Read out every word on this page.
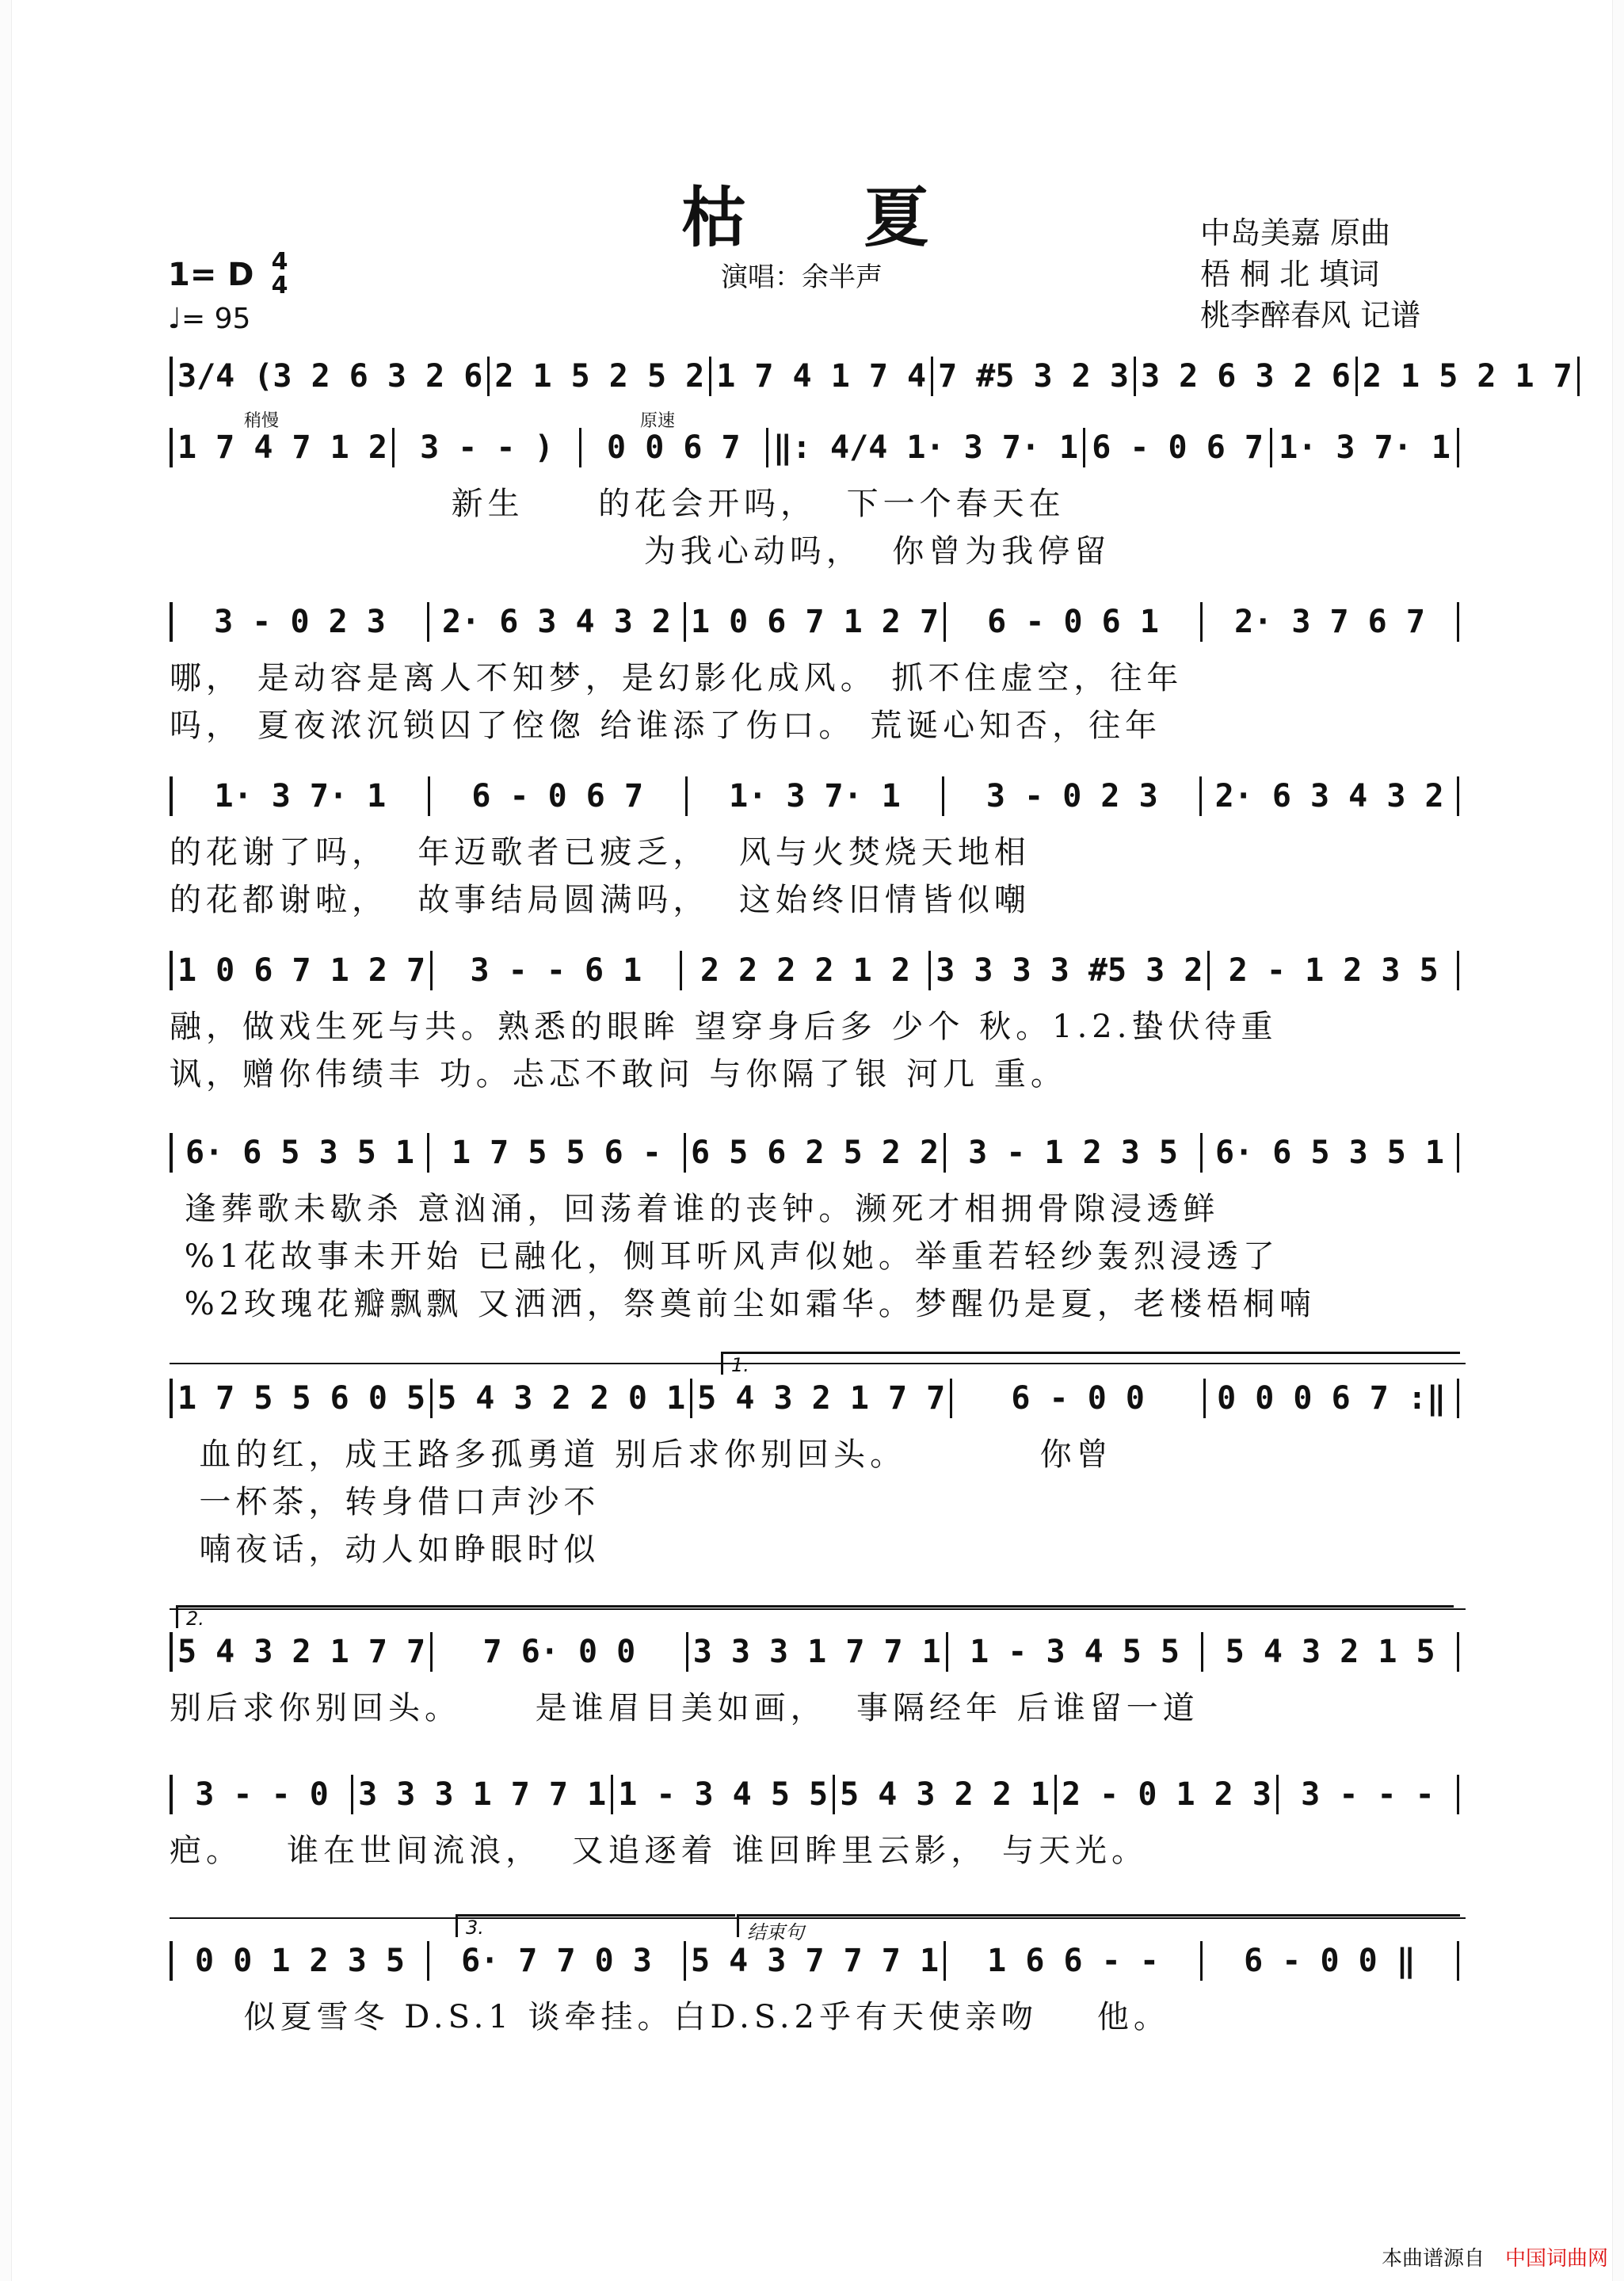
枯 夏
演唱：余半声
中岛美嘉 原曲
梧 桐 北 填词
桃李醉春风 记谱
1= D 4
4
♩= 95
3/4 (3 2 6 3 2 6 2 1 5 2 5 2 1 7 4 1 7 4 7 #5 3 2 3 3 2 6 3 2 6 2 1 5 2 1 7
1 7 4 7 1 2	3 - - )	0 0 6 7	‖: 4/4 1· 3 7· 1 6 - 0 6 7 1· 3 7· 1
新生     的花会开吗，  下一个春天在
为我心动吗，  你曾为我停留
3 - 0 2 3	2· 6 3 4 3 2 1 0 6 7 1 2 7	6 - 0 6 1	2· 3 7 6 7
哪， 是动容是离人不知梦，是幻影化成风。 抓不住虚空，往年
吗， 夏夜浓沉锁囚了倥偬 给谁添了伤口。 荒诞心知否，往年
1· 3 7· 1	6 - 0 6 7	1· 3 7· 1	3 - 0 2 3	2· 6 3 4 3 2
的花谢了吗，  年迈歌者已疲乏，  风与火焚烧天地相
的花都谢啦，  故事结局圆满吗，  这始终旧情皆似嘲
1 0 6 7 1 2 7	3 - - 6 1	2 2 2 2 1 2 3 3 3 3 #5 3 2 2 - 1 2 3 5
融，做戏生死与共。熟悉的眼眸 望穿身后多 少个 秋。1.2.蛰伏待重
讽，赠你伟绩丰 功。忐忑不敢问 与你隔了银 河几 重。
6· 6 5 3 5 1	1 7 5 5 6 - 6 5 6 2 5 2 2 3 - 1 2 3 5	6· 6 5 3 5 1
逢葬歌未歇杀 意汹涌，回荡着谁的丧钟。濒死才相拥骨隙浸透鲜
%1花故事未开始 已融化，侧耳听风声似她。举重若轻纱轰烈浸透了
%2玫瑰花瓣飘飘 又洒洒，祭奠前尘如霜华。梦醒仍是夏，老楼梧桐喃
1 7 5 5 6 0 5 5 4 3 2 2 0 1 5 4 3 2 1 7 7	6 - 0 0	0 0 0 6 7 :‖
1.
血的红，成王路多孤勇道 别后求你别回头。         你曾
一杯茶，转身借口声沙不
喃夜话，动人如睁眼时似
5 4 3 2 1 7 7	7 6· 0 0	3 3 3 1 7 7 1 1 - 3 4 5 5	5 4 3 2 1 5
2.
别后求你别回头。     是谁眉目美如画，  事隔经年 后谁留一道
3 - - 0 3 3 3 1 7 7 1 1 - 3 4 5 5 5 4 3 2 2 1 2 - 0 1 2 3 3 - - -
疤。   谁在世间流浪，  又追逐着 谁回眸里云影， 与天光。
0 0 1 2 3 5	6· 7 7 0 3	5 4 3 7 7 7 1	1 6 6 - -	6 - 0 0 ‖
3.	结束句
似夏雪冬 D.S.1 谈牵挂。白D.S.2乎有天使亲吻    他。
本曲谱源自 中国词曲网
稍慢	原速
